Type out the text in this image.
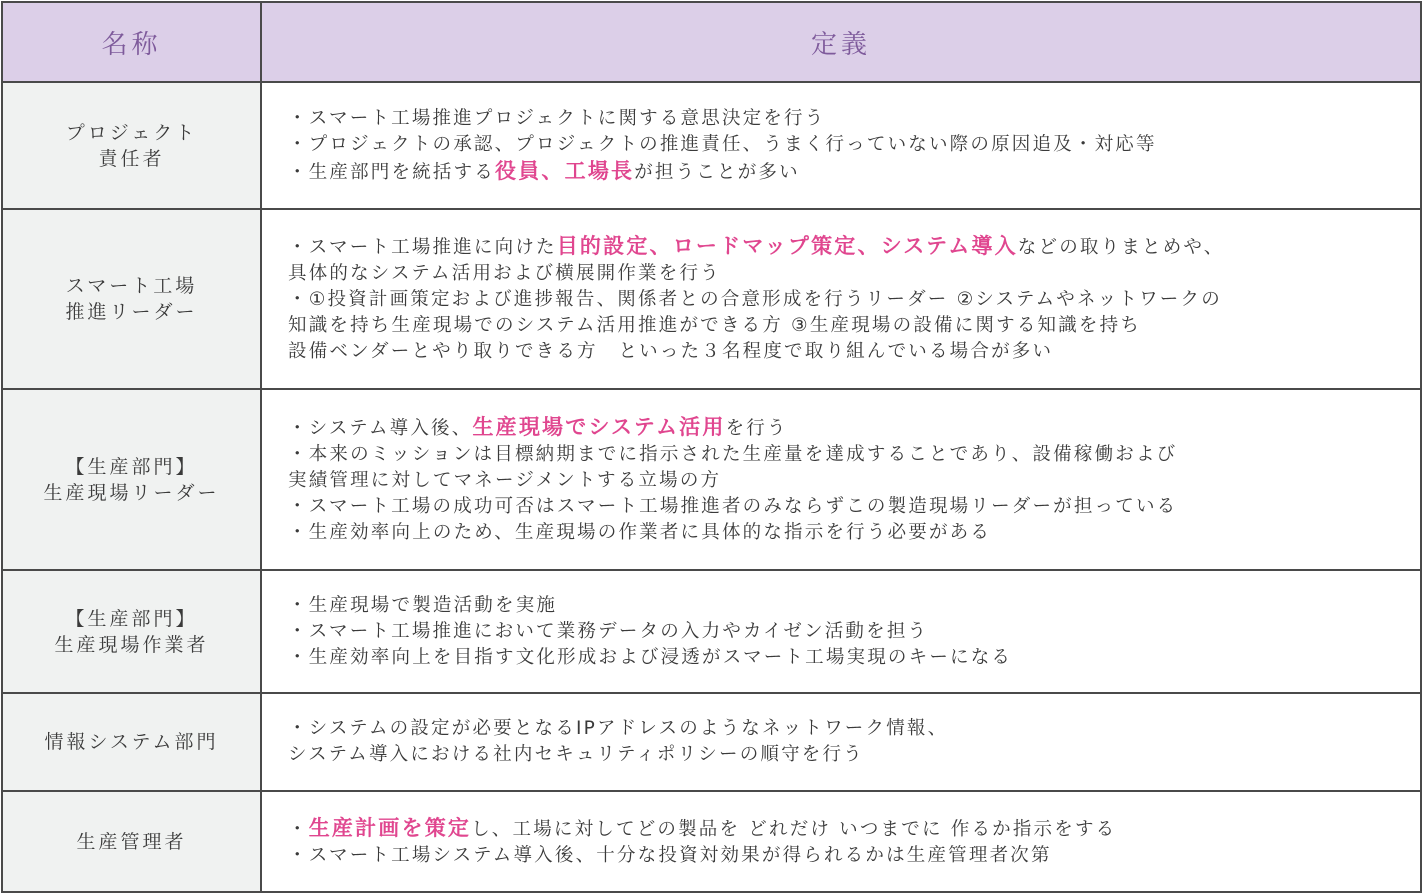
名称	定義

プロジェクト
責任者	・スマート工場推進プロジェクトに関する意思決定を行う
・プロジェクトの承認、プロジェクトの推進責任、うまく行っていない際の原因追及・対応等
・生産部門を統括する役員、工場長が担うことが多い

スマート工場
推進リーダー	・スマート工場推進に向けた目的設定、ロードマップ策定、システム導入などの取りまとめや、
具体的なシステム活用および横展開作業を行う
・①投資計画策定および進捗報告、関係者との合意形成を行うリーダー ②システムやネットワークの
知識を持ち生産現場でのシステム活用推進ができる方 ③生産現場の設備に関する知識を持ち
設備ベンダーとやり取りできる方　といった３名程度で取り組んでいる場合が多い

【生産部門】
生産現場リーダー	・システム導入後、生産現場でシステム活用を行う
・本来のミッションは目標納期までに指示された生産量を達成することであり、設備稼働および
実績管理に対してマネージメントする立場の方
・スマート工場の成功可否はスマート工場推進者のみならずこの製造現場リーダーが担っている
・生産効率向上のため、生産現場の作業者に具体的な指示を行う必要がある

【生産部門】
生産現場作業者	・生産現場で製造活動を実施
・スマート工場推進において業務データの入力やカイゼン活動を担う
・生産効率向上を目指す文化形成および浸透がスマート工場実現のキーになる

情報システム部門	・システムの設定が必要となるIPアドレスのようなネットワーク情報、
システム導入における社内セキュリティポリシーの順守を行う

生産管理者	・生産計画を策定し、工場に対してどの製品を どれだけ いつまでに 作るか指示をする
・スマート工場システム導入後、十分な投資対効果が得られるかは生産管理者次第
